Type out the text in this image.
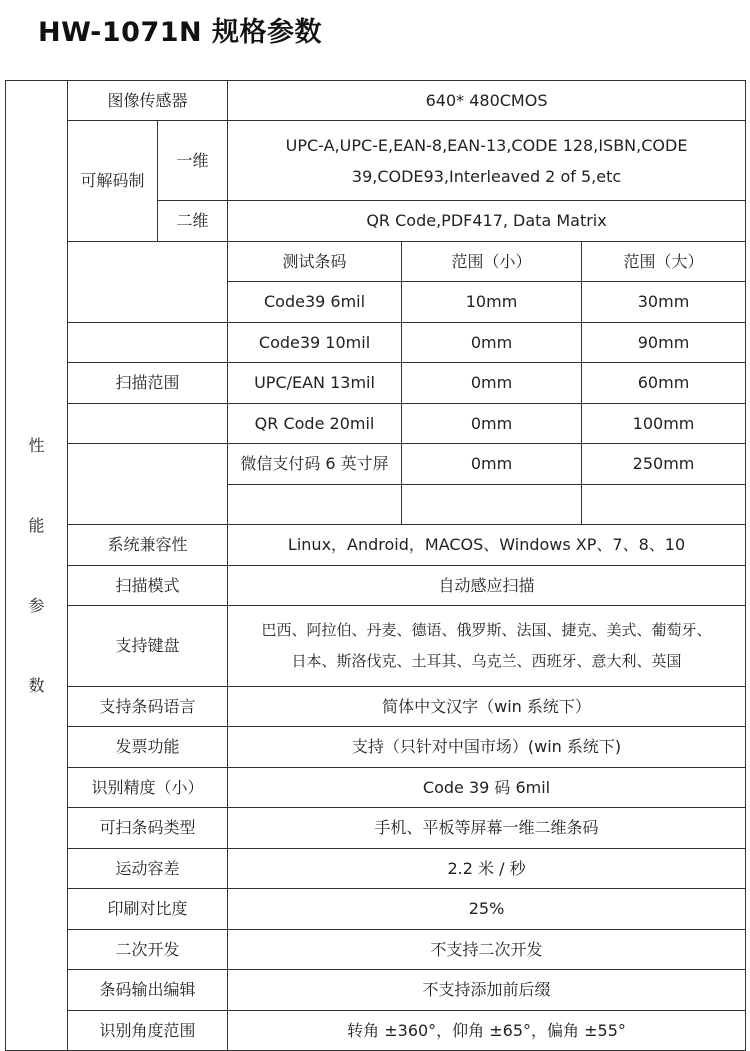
HW-1071N 规格参数
性
能
参
数	图像传感器		640* 480CMOS		
	可解码制	一维	UPC-A,UPC-E,EAN-8,EAN-13,CODE 128,ISBN,CODE
39,CODE93,Interleaved 2 of 5,etc		

		二维	QR Code,PDF417, Data Matrix		
			测试条码	范围（小）	范围（大）
			Code39 6mil	10mm	30mm
			Code39 10mil	0mm	90mm
	扫描范围		UPC/EAN 13mil	0mm	60mm
			QR Code 20mil	0mm	100mm
			微信支付码 6 英寸屏	0mm	250mm

	系统兼容性		Linux，Android，MACOS、Windows XP、7、8、10		
	扫描模式		自动感应扫描		
	支持键盘		巴西、阿拉伯、丹麦、德语、俄罗斯、法国、捷克、美式、葡萄牙、
日本、斯洛伐克、土耳其、乌克兰、西班牙、意大利、英国		

	支持条码语言		简体中文汉字（win 系统下）		
	发票功能		支持（只针对中国市场）(win 系统下)		
	识别精度（小）		Code 39 码 6mil		
	可扫条码类型		手机、平板等屏幕一维二维条码		
	运动容差		2.2 米 / 秒		
	印刷对比度		25%		
	二次开发		不支持二次开发		
	条码输出编辑		不支持添加前后缀		
	识别角度范围		转角 ±360°，仰角 ±65°，偏角 ±55°		
